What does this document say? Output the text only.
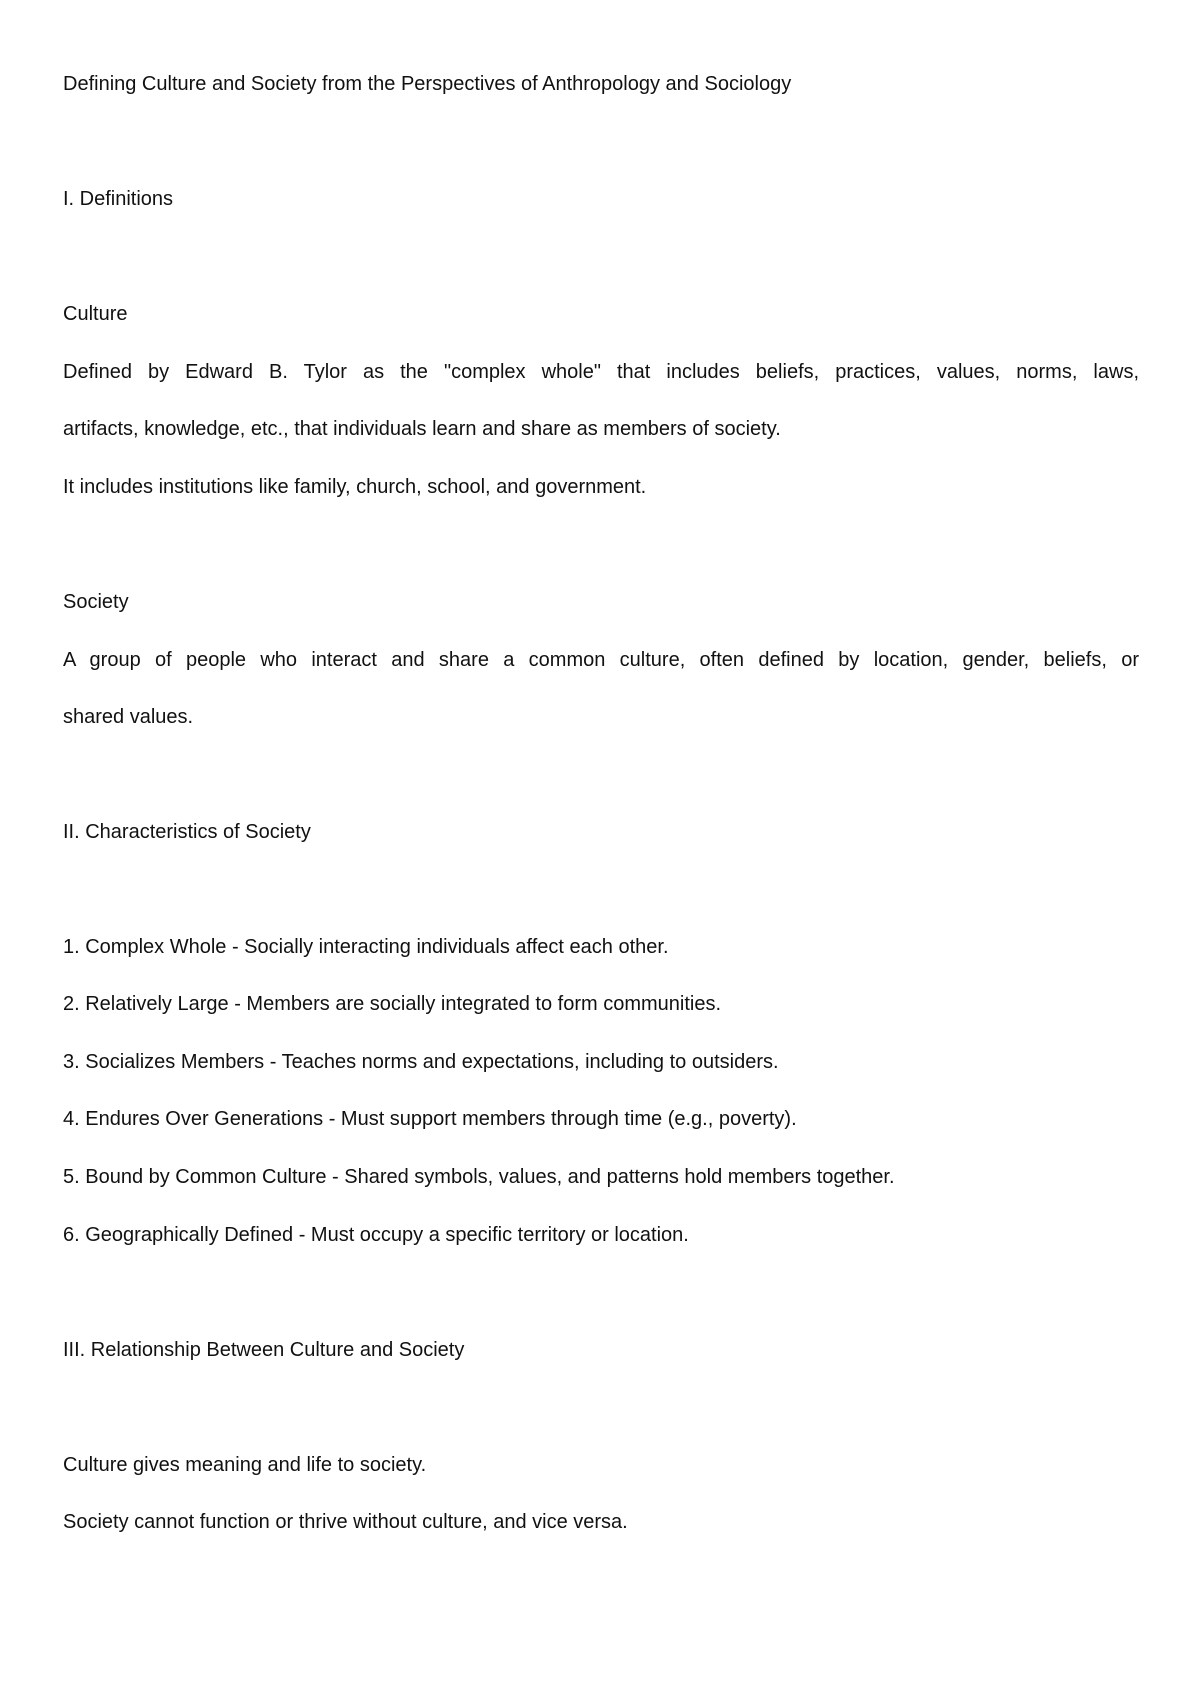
Defining Culture and Society from the Perspectives of Anthropology and Sociology

I. Definitions

Culture

Defined by Edward B. Tylor as the "complex whole" that includes beliefs, practices, values, norms, laws,

artifacts, knowledge, etc., that individuals learn and share as members of society.

It includes institutions like family, church, school, and government.

Society

A group of people who interact and share a common culture, often defined by location, gender, beliefs, or

shared values.

II. Characteristics of Society

1. Complex Whole - Socially interacting individuals affect each other.

2. Relatively Large - Members are socially integrated to form communities.

3. Socializes Members - Teaches norms and expectations, including to outsiders.

4. Endures Over Generations - Must support members through time (e.g., poverty).

5. Bound by Common Culture - Shared symbols, values, and patterns hold members together.

6. Geographically Defined - Must occupy a specific territory or location.

III. Relationship Between Culture and Society

Culture gives meaning and life to society.

Society cannot function or thrive without culture, and vice versa.
